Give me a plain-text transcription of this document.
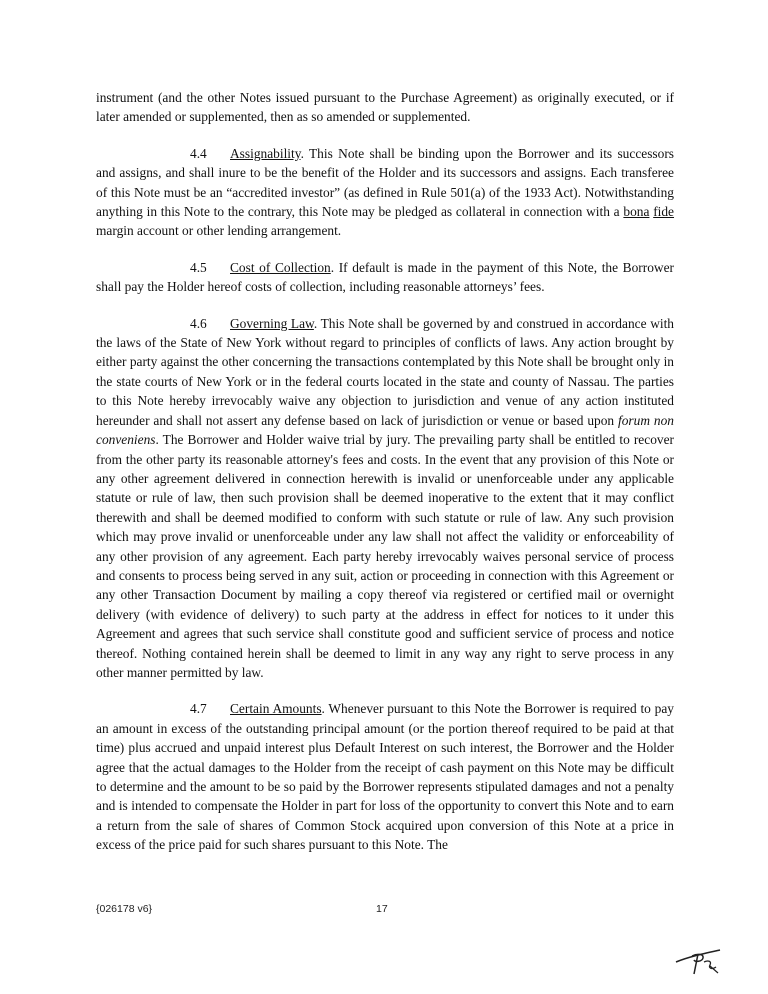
instrument (and the other Notes issued pursuant to the Purchase Agreement) as originally executed, or if later amended or supplemented, then as so amended or supplemented.

4.4 Assignability. This Note shall be binding upon the Borrower and its successors and assigns, and shall inure to be the benefit of the Holder and its successors and assigns. Each transferee of this Note must be an “accredited investor” (as defined in Rule 501(a) of the 1933 Act). Notwithstanding anything in this Note to the contrary, this Note may be pledged as collateral in connection with a bona fide margin account or other lending arrangement.

4.5 Cost of Collection. If default is made in the payment of this Note, the Borrower shall pay the Holder hereof costs of collection, including reasonable attorneys’ fees.

4.6 Governing Law. This Note shall be governed by and construed in accordance with the laws of the State of New York without regard to principles of conflicts of laws. Any action brought by either party against the other concerning the transactions contemplated by this Note shall be brought only in the state courts of New York or in the federal courts located in the state and county of Nassau. The parties to this Note hereby irrevocably waive any objection to jurisdiction and venue of any action instituted hereunder and shall not assert any defense based on lack of jurisdiction or venue or based upon forum non conveniens. The Borrower and Holder waive trial by jury. The prevailing party shall be entitled to recover from the other party its reasonable attorney's fees and costs. In the event that any provision of this Note or any other agreement delivered in connection herewith is invalid or unenforceable under any applicable statute or rule of law, then such provision shall be deemed inoperative to the extent that it may conflict therewith and shall be deemed modified to conform with such statute or rule of law. Any such provision which may prove invalid or unenforceable under any law shall not affect the validity or enforceability of any other provision of any agreement. Each party hereby irrevocably waives personal service of process and consents to process being served in any suit, action or proceeding in connection with this Agreement or any other Transaction Document by mailing a copy thereof via registered or certified mail or overnight delivery (with evidence of delivery) to such party at the address in effect for notices to it under this Agreement and agrees that such service shall constitute good and sufficient service of process and notice thereof. Nothing contained herein shall be deemed to limit in any way any right to serve process in any other manner permitted by law.

4.7 Certain Amounts. Whenever pursuant to this Note the Borrower is required to pay an amount in excess of the outstanding principal amount (or the portion thereof required to be paid at that time) plus accrued and unpaid interest plus Default Interest on such interest, the Borrower and the Holder agree that the actual damages to the Holder from the receipt of cash payment on this Note may be difficult to determine and the amount to be so paid by the Borrower represents stipulated damages and not a penalty and is intended to compensate the Holder in part for loss of the opportunity to convert this Note and to earn a return from the sale of shares of Common Stock acquired upon conversion of this Note at a price in excess of the price paid for such shares pursuant to this Note. The

{026178 v6}	17
